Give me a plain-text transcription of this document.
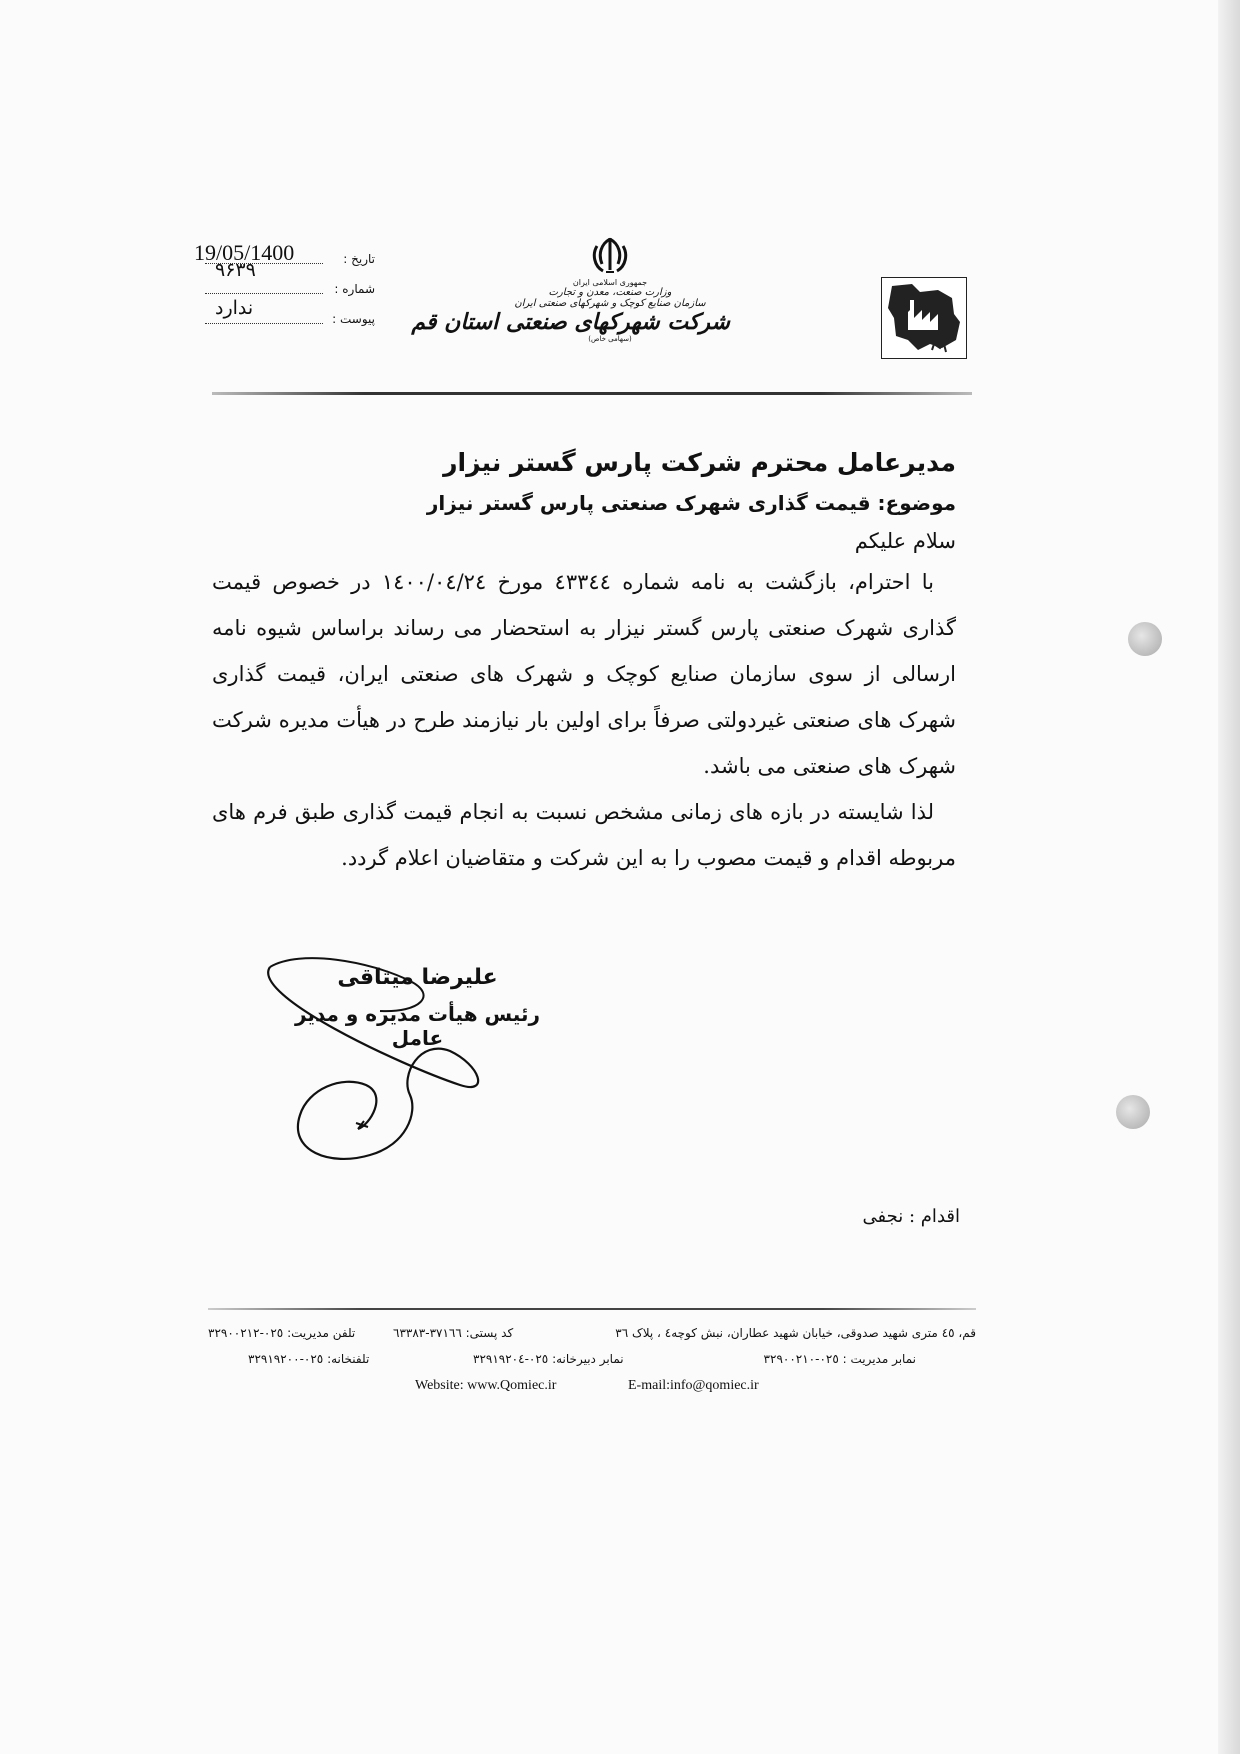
19/05/1400	تاریخ :
شماره :
۹۶۳۹
پیوست :
ندارد
جمهوری اسلامی ایران
وزارت صنعت، معدن و تجارت
سازمان صنایع کوچک و شهرکهای صنعتی ایران
شرکت شهرکهای صنعتی استان قم
(سهامی خاص)
مدیرعامل محترم شرکت پارس گستر نیزار
موضوع: قیمت گذاری شهرک صنعتی پارس گستر نیزار
سلام علیکم

با احترام، بازگشت به نامه شماره ٤٣٣٤٤ مورخ ١٤٠٠/٠٤/٢٤ در خصوص قیمت گذاری شهرک صنعتی پارس گستر نیزار به استحضار می رساند براساس شیوه نامه ارسالی از سوی سازمان صنایع کوچک و شهرک های صنعتی ایران، قیمت گذاری شهرک های صنعتی غیردولتی صرفاً برای اولین بار نیازمند طرح در هیأت مدیره شرکت شهرک های صنعتی می باشد.

لذا شایسته در بازه های زمانی مشخص نسبت به انجام قیمت گذاری طبق فرم های مربوطه اقدام و قیمت مصوب را به این شرکت و متقاضیان اعلام گردد.

علیرضا میثاقی
رئیس هیأت مدیره و مدیر عامل
اقدام : نجفی
قم، ٤٥ متری شهید صدوقی، خیابان شهید عطاران، نبش کوچه٤ ، پلاک ٣٦
کد پستی: ٣٧١٦٦-٦٣٣٨٣
تلفن مدیریت: ٠٢٥-٣٢٩٠٠٢١٢
نمابر مدیریت : ٠٢٥-٣٢٩٠٠٢١٠
نمابر دبیرخانه: ٠٢٥-٣٢٩١٩٢٠٤
تلفنخانه: ٠٢٥-٣٢٩١٩٢٠٠
Website: www.Qomiec.ir	E-mail:info@qomiec.ir
